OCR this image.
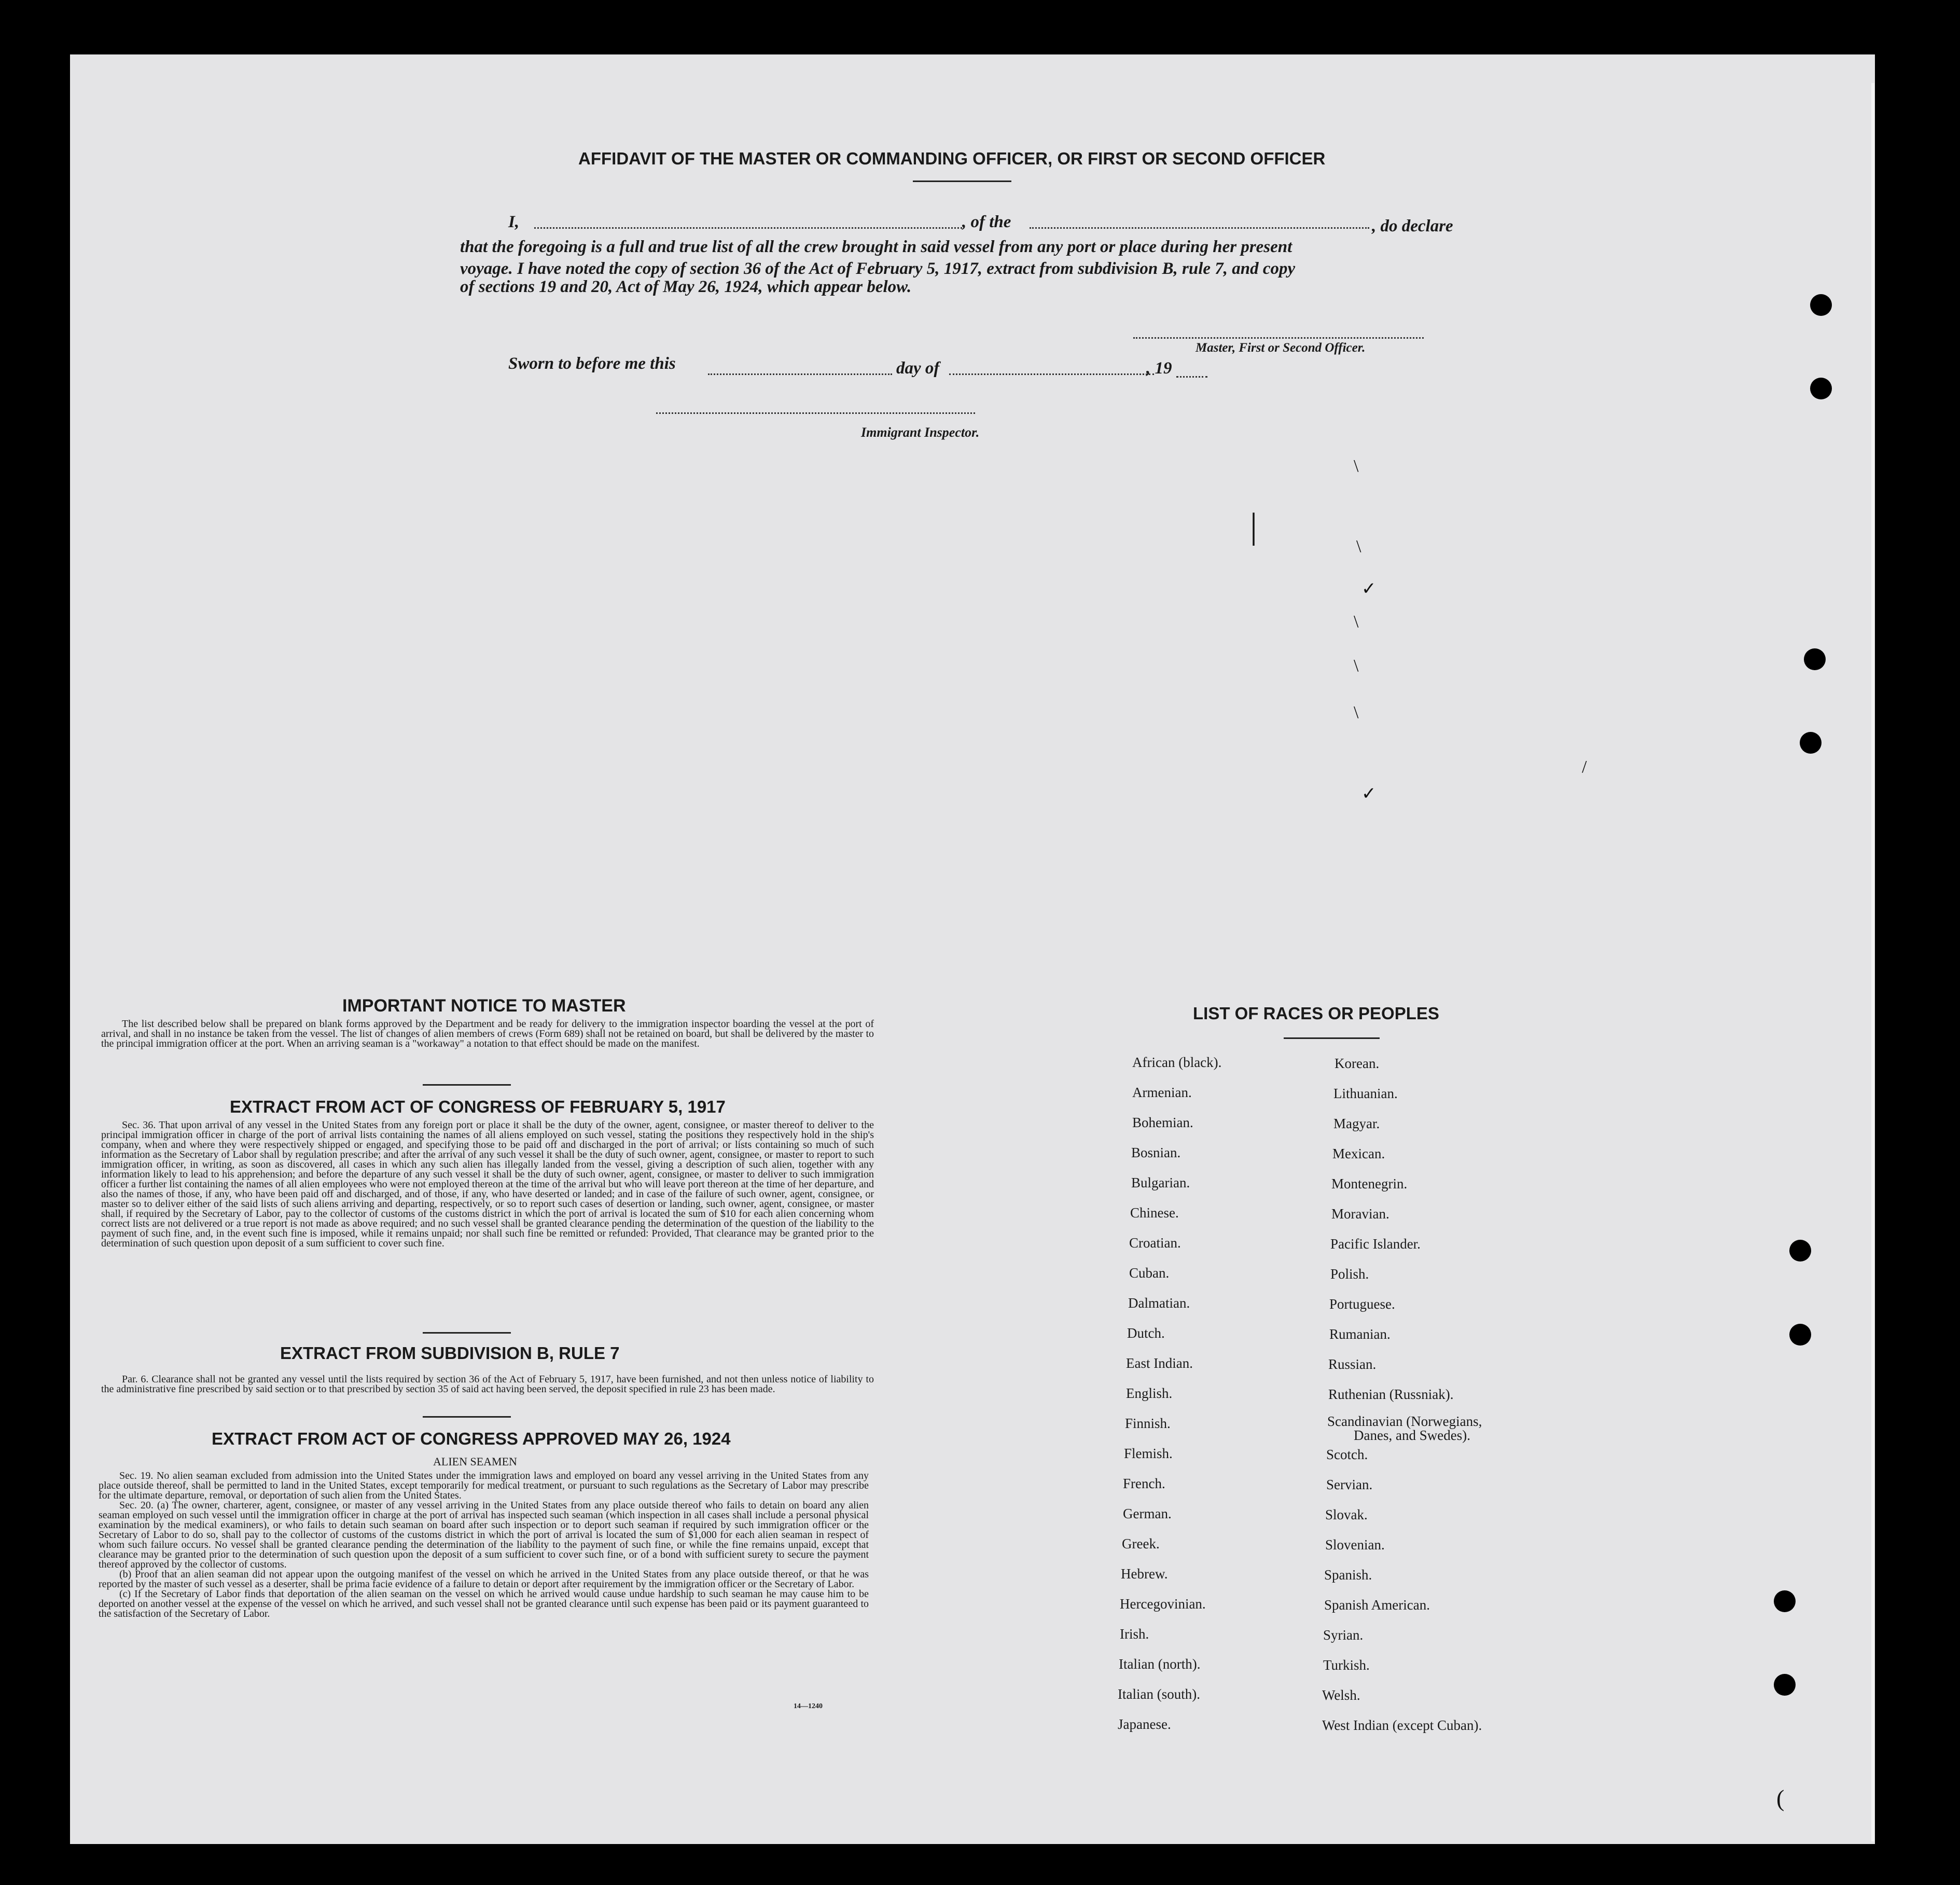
AFFIDAVIT OF THE MASTER OR COMMANDING OFFICER, OR FIRST OR SECOND OFFICER
I,	, of the	, do declare
that the foregoing is a full and true list of all the crew brought in said vessel from any port or place during her present
voyage. I have noted the copy of section 36 of the Act of February 5, 1917, extract from subdivision B, rule 7, and copy
of sections 19 and 20, Act of May 26, 1924, which appear below.
Master, First or Second Officer.
Sworn to before me this	day of	, 19
Immigrant Inspector.
\
|
\
✓
\
\
\
✓
/
(
IMPORTANT NOTICE TO MASTER

The list described below shall be prepared on blank forms approved by the Department and be ready for delivery to the immigration inspector boarding the vessel at the port of arrival, and shall in no instance be taken from the vessel. The list of changes of alien members of crews (Form 689) shall not be retained on board, but shall be delivered by the master to the principal immigration officer at the port. When an arriving seaman is a "workaway" a notation to that effect should be made on the manifest.

EXTRACT FROM ACT OF CONGRESS OF FEBRUARY 5, 1917

Sec. 36. That upon arrival of any vessel in the United States from any foreign port or place it shall be the duty of the owner, agent, consignee, or master thereof to deliver to the principal immigration officer in charge of the port of arrival lists containing the names of all aliens employed on such vessel, stating the positions they respectively hold in the ship's company, when and where they were respectively shipped or engaged, and specifying those to be paid off and discharged in the port of arrival; or lists containing so much of such information as the Secretary of Labor shall by regulation prescribe; and after the arrival of any such vessel it shall be the duty of such owner, agent, consignee, or master to report to such immigration officer, in writing, as soon as discovered, all cases in which any such alien has illegally landed from the vessel, giving a description of such alien, together with any information likely to lead to his apprehension; and before the departure of any such vessel it shall be the duty of such owner, agent, consignee, or master to deliver to such immigration officer a further list containing the names of all alien employees who were not employed thereon at the time of the arrival but who will leave port thereon at the time of her departure, and also the names of those, if any, who have been paid off and discharged, and of those, if any, who have deserted or landed; and in case of the failure of such owner, agent, consignee, or master so to deliver either of the said lists of such aliens arriving and departing, respectively, or so to report such cases of desertion or landing, such owner, agent, consignee, or master shall, if required by the Secretary of Labor, pay to the collector of customs of the customs district in which the port of arrival is located the sum of $10 for each alien concerning whom correct lists are not delivered or a true report is not made as above required; and no such vessel shall be granted clearance pending the determination of the question of the liability to the payment of such fine, and, in the event such fine is imposed, while it remains unpaid; nor shall such fine be remitted or refunded: Provided, That clearance may be granted prior to the determination of such question upon deposit of a sum sufficient to cover such fine.

EXTRACT FROM SUBDIVISION B, RULE 7

Par. 6. Clearance shall not be granted any vessel until the lists required by section 36 of the Act of February 5, 1917, have been furnished, and not then unless notice of liability to the administrative fine prescribed by said section or to that prescribed by section 35 of said act having been served, the deposit specified in rule 23 has been made.

EXTRACT FROM ACT OF CONGRESS APPROVED MAY 26, 1924
ALIEN SEAMEN

Sec. 19. No alien seaman excluded from admission into the United States under the immigration laws and employed on board any vessel arriving in the United States from any place outside thereof, shall be permitted to land in the United States, except temporarily for medical treatment, or pursuant to such regulations as the Secretary of Labor may prescribe for the ultimate departure, removal, or deportation of such alien from the United States.

Sec. 20. (a) The owner, charterer, agent, consignee, or master of any vessel arriving in the United States from any place outside thereof who fails to detain on board any alien seaman employed on such vessel until the immigration officer in charge at the port of arrival has inspected such seaman (which inspection in all cases shall include a personal physical examination by the medical examiners), or who fails to detain such seaman on board after such inspection or to deport such seaman if required by such immigration officer or the Secretary of Labor to do so, shall pay to the collector of customs of the customs district in which the port of arrival is located the sum of $1,000 for each alien seaman in respect of whom such failure occurs. No vessel shall be granted clearance pending the determination of the liability to the payment of such fine, or while the fine remains unpaid, except that clearance may be granted prior to the determination of such question upon the deposit of a sum sufficient to cover such fine, or of a bond with sufficient surety to secure the payment thereof approved by the collector of customs.

(b) Proof that an alien seaman did not appear upon the outgoing manifest of the vessel on which he arrived in the United States from any place outside thereof, or that he was reported by the master of such vessel as a deserter, shall be prima facie evidence of a failure to detain or deport after requirement by the immigration officer or the Secretary of Labor.

(c) If the Secretary of Labor finds that deportation of the alien seaman on the vessel on which he arrived would cause undue hardship to such seaman he may cause him to be deported on another vessel at the expense of the vessel on which he arrived, and such vessel shall not be granted clearance until such expense has been paid or its payment guaranteed to the satisfaction of the Secretary of Labor.

14—1240
LIST OF RACES OR PEOPLES
African (black).
Armenian.
Bohemian.
Bosnian.
Bulgarian.
Chinese.
Croatian.
Cuban.
Dalmatian.
Dutch.
East Indian.
English.
Finnish.
Flemish.
French.
German.
Greek.
Hebrew.
Hercegovinian.
Irish.
Italian (north).
Italian (south).
Japanese.
Korean.
Lithuanian.
Magyar.
Mexican.
Montenegrin.
Moravian.
Pacific Islander.
Polish.
Portuguese.
Rumanian.
Russian.
Ruthenian (Russniak).
Scandinavian (Norwegians,
Danes, and Swedes).
Scotch.
Servian.
Slovak.
Slovenian.
Spanish.
Spanish American.
Syrian.
Turkish.
Welsh.
West Indian (except Cuban).
